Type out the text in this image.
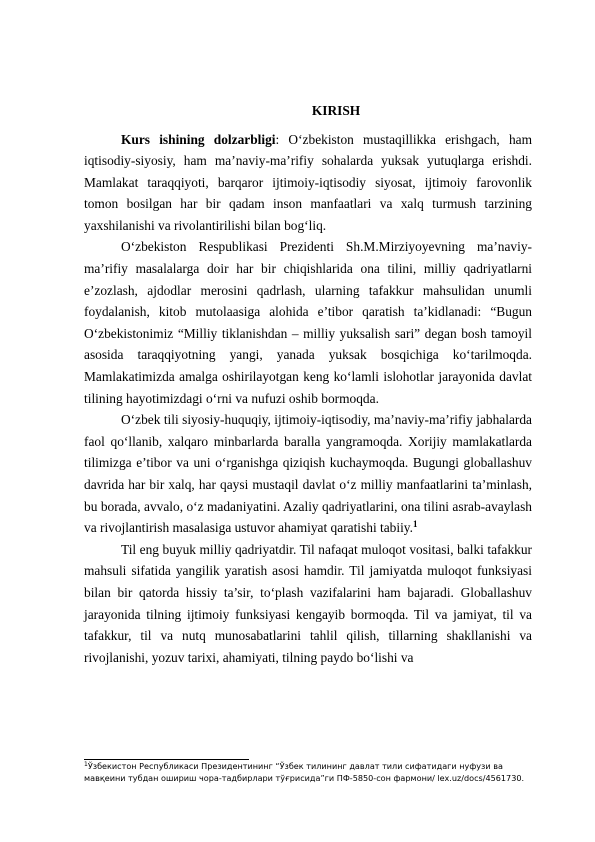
KIRISH

Kurs ishining dolzarbligi: O‘zbekiston mustaqillikka erishgach, ham iqtisodiy-siyosiy, ham ma’naviy-ma’rifiy sohalarda yuksak yutuqlarga erishdi. Mamlakat taraqqiyoti, barqaror ijtimoiy-iqtisodiy siyosat, ijtimoiy farovonlik tomon bosilgan har bir qadam inson manfaatlari va xalq turmush tarzining yaxshilanishi va rivolantirilishi bilan bog‘liq.

O‘zbekiston Respublikasi Prezidenti Sh.M.Mirziyoyevning ma’naviy-ma’rifiy masalalarga doir har bir chiqishlarida ona tilini, milliy qadriyatlarni e’zozlash, ajdodlar merosini qadrlash, ularning tafakkur mahsulidan unumli foydalanish, kitob mutolaasiga alohida e’tibor qaratish ta’kidlanadi: “Bugun O‘zbekistonimiz “Milliy tiklanishdan – milliy yuksalish sari” degan bosh tamoyil asosida taraqqiyotning yangi, yanada yuksak bosqichiga ko‘tarilmoqda. Mamlakatimizda amalga oshirilayotgan keng ko‘lamli islohotlar jarayonida davlat tilining hayotimizdagi o‘rni va nufuzi oshib bormoqda.

O‘zbek tili siyosiy-huquqiy, ijtimoiy-iqtisodiy, ma’naviy-ma’rifiy jabhalarda faol qo‘llanib, xalqaro minbarlarda baralla yangramoqda. Xorijiy mamlakatlarda tilimizga e’tibor va uni o‘rganishga qiziqish kuchaymoqda. Bugungi globallashuv davrida har bir xalq, har qaysi mustaqil davlat o‘z milliy manfaatlarini ta’minlash, bu borada, avvalo, o‘z madaniyatini. Azaliy qadriyatlarini, ona tilini asrab-avaylash va rivojlantirish masalasiga ustuvor ahamiyat qaratishi tabiiy.$^1$

Til eng buyuk milliy qadriyatdir. Til nafaqat muloqot vositasi, balki tafakkur mahsuli sifatida yangilik yaratish asosi hamdir. Til jamiyatda muloqot funksiyasi bilan bir qatorda hissiy ta’sir, to‘plash vazifalarini ham bajaradi. Globallashuv jarayonida tilning ijtimoiy funksiyasi kengayib bormoqda. Til va jamiyat, til va tafakkur, til va nutq munosabatlarini tahlil qilish, tillarning shakllanishi va rivojlanishi, yozuv tarixi, ahamiyati, tilning paydo bo‘lishi va

$^1$Ўзбекистон Республикаси Президентининг “Ўзбек тилининг давлат тили сифатидаги нуфузи ва мавқеини тубдан ошириш чора-тадбирлари тўғрисида”ги ПФ-5850-сон фармони/ lex.uz/docs/4561730.
